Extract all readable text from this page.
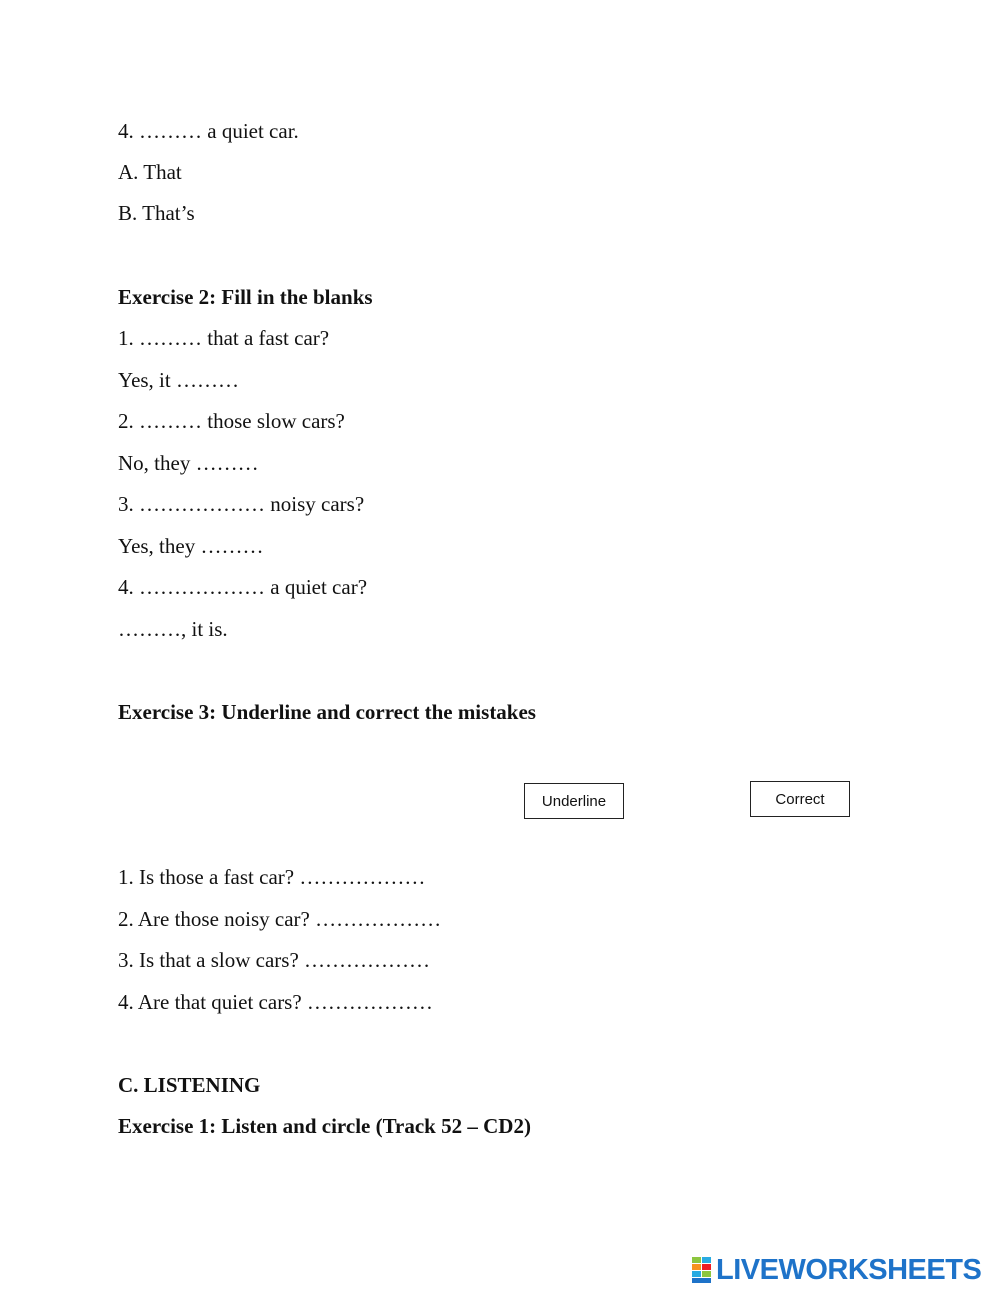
4. ……… a quiet car.
A. That
B. That’s
Exercise 2: Fill in the blanks
1. ……… that a fast car?
Yes, it ………
2. ……… those slow cars?
No, they ………
3. ……………… noisy cars?
Yes, they ………
4. ……………… a quiet car?
………, it is.
Exercise 3: Underline and correct the mistakes
Underline	Correct
1. Is those a fast car? ………………
2. Are those noisy car? ………………
3. Is that a slow cars? ………………
4. Are that quiet cars? ………………
C. LISTENING
Exercise 1: Listen and circle (Track 52 – CD2)
LIVEWORKSHEETS
